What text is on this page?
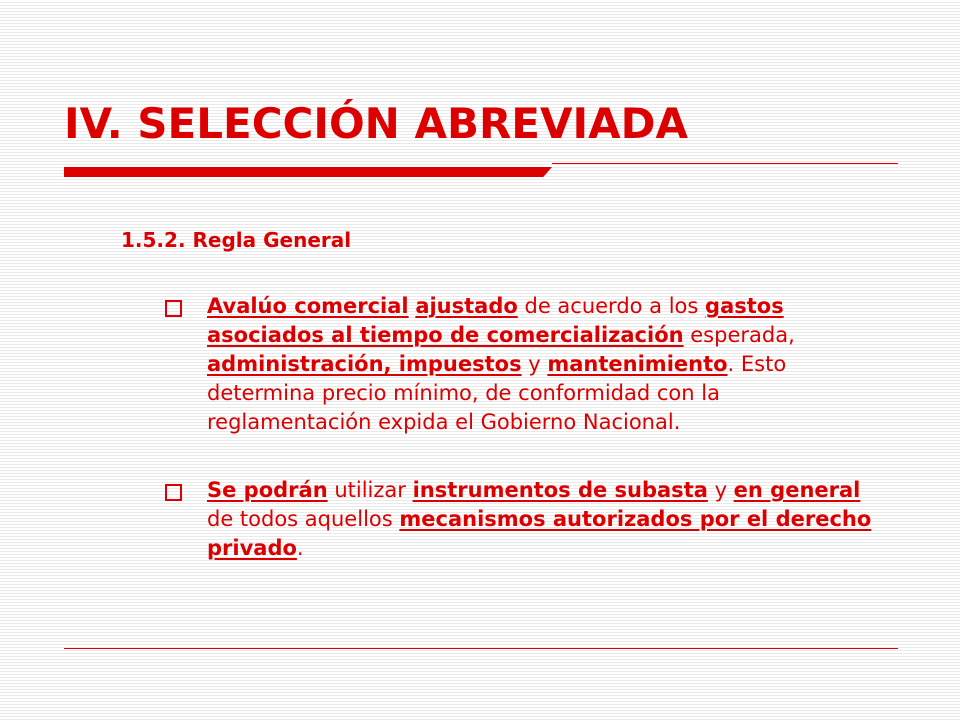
IV. SELECCIÓN ABREVIADA
1.5.2. Regla General
Avalúo comercial ajustado de acuerdo a los gastos asociados al tiempo de comercialización esperada, administración, impuestos y mantenimiento. Esto determina precio mínimo, de conformidad con la reglamentación expida el Gobierno Nacional.
Se podrán utilizar instrumentos de subasta y en general de todos aquellos mecanismos autorizados por el derecho privado.
